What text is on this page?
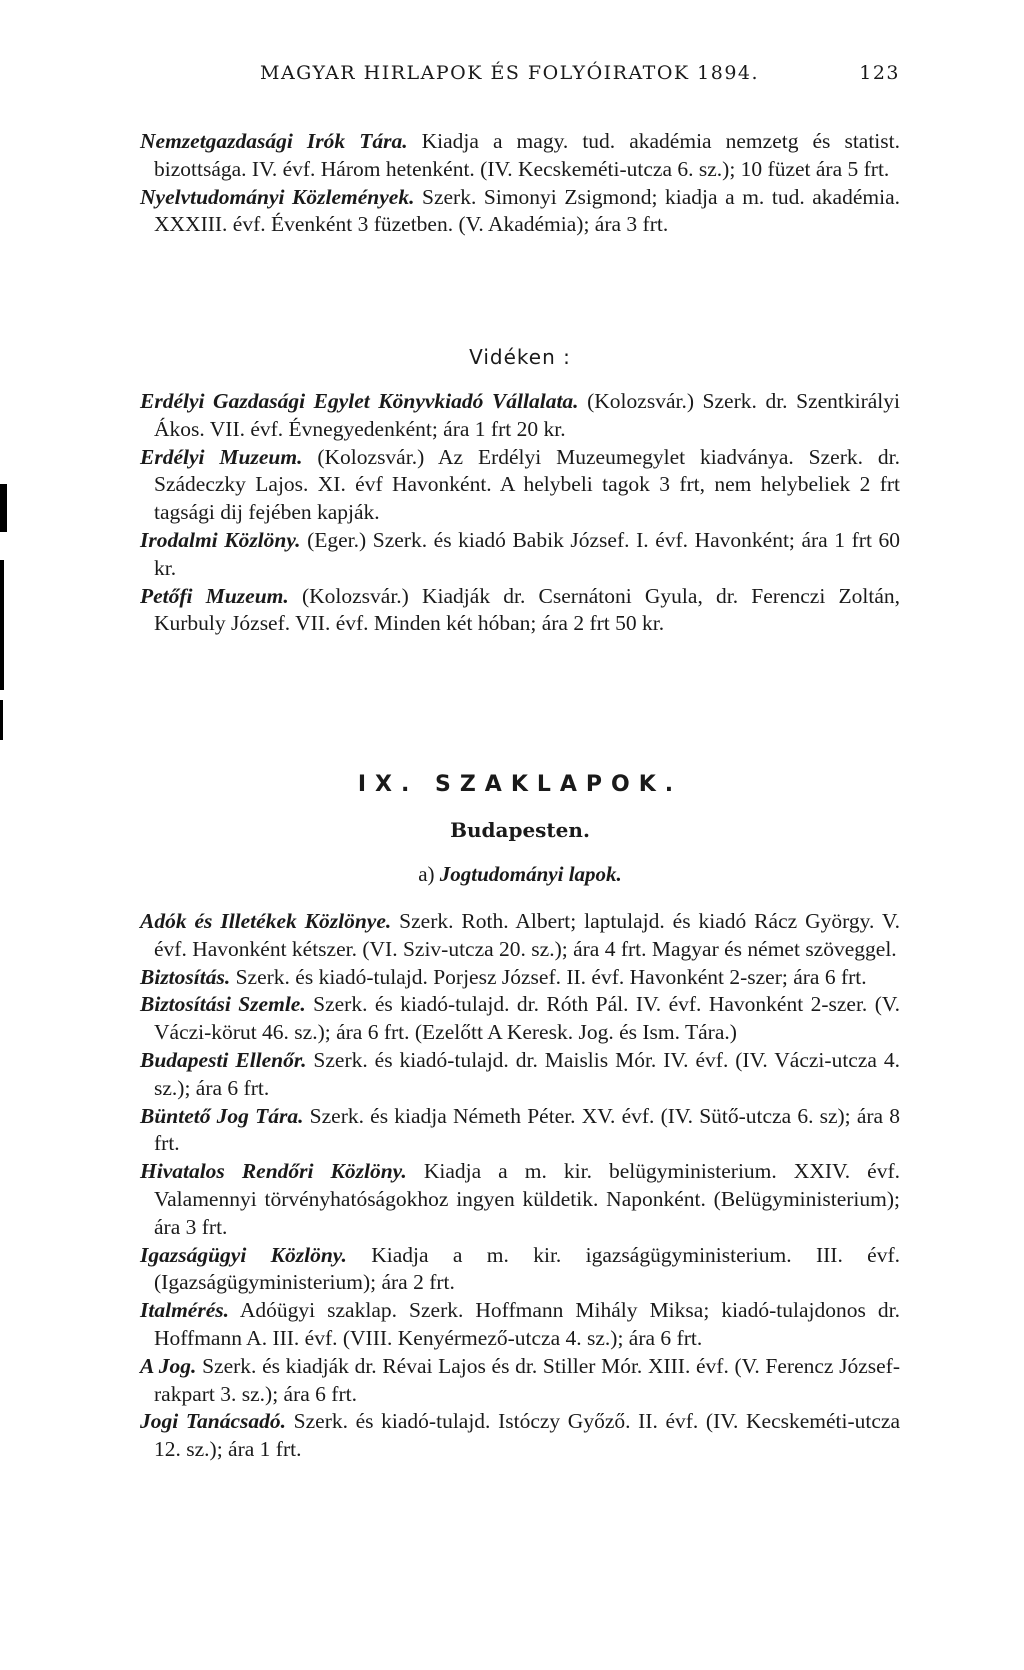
MAGYAR HIRLAPOK ÉS FOLYÓIRATOK 1894.	123

Nemzetgazdasági Irók Tára. Kiadja a magy. tud. akadémia nemzetg és statist. bizottsága. IV. évf. Három hetenként. (IV. Kecskeméti-utcza 6. sz.); 10 füzet ára 5 frt.

Nyelvtudományi Közlemények. Szerk. Simonyi Zsigmond; kiadja a m. tud. akadémia. XXXIII. évf. Évenként 3 füzetben. (V. Akadémia); ára 3 frt.

Vidéken :

Erdélyi Gazdasági Egylet Könyvkiadó Vállalata. (Kolozsvár.) Szerk. dr. Szentkirályi Ákos. VII. évf. Évnegyedenként; ára 1 frt 20 kr.

Erdélyi Muzeum. (Kolozsvár.) Az Erdélyi Muzeumegylet kiadványa. Szerk. dr. Szádeczky Lajos. XI. évf Havonként. A helybeli tagok 3 frt, nem helybeliek 2 frt tagsági dij fejében kapják.

Irodalmi Közlöny. (Eger.) Szerk. és kiadó Babik József. I. évf. Havonként; ára 1 frt 60 kr.

Petőfi Muzeum. (Kolozsvár.) Kiadják dr. Csernátoni Gyula, dr. Ferenczi Zoltán, Kurbuly József. VII. évf. Minden két hóban; ára 2 frt 50 kr.

IX. SZAKLAPOK.
Budapesten.
a) Jogtudományi lapok.

Adók és Illetékek Közlönye. Szerk. Roth. Albert; laptulajd. és kiadó Rácz György. V. évf. Havonként kétszer. (VI. Sziv-utcza 20. sz.); ára 4 frt. Magyar és német szöveggel.

Biztosítás. Szerk. és kiadó-tulajd. Porjesz József. II. évf. Havonként 2-szer; ára 6 frt.

Biztosítási Szemle. Szerk. és kiadó-tulajd. dr. Róth Pál. IV. évf. Havonként 2-szer. (V. Váczi-körut 46. sz.); ára 6 frt. (Ezelőtt A Keresk. Jog. és Ism. Tára.)

Budapesti Ellenőr. Szerk. és kiadó-tulajd. dr. Maislis Mór. IV. évf. (IV. Váczi-utcza 4. sz.); ára 6 frt.

Büntető Jog Tára. Szerk. és kiadja Németh Péter. XV. évf. (IV. Sütő-utcza 6. sz); ára 8 frt.

Hivatalos Rendőri Közlöny. Kiadja a m. kir. belügyministerium. XXIV. évf. Valamennyi törvényhatóságokhoz ingyen küldetik. Naponként. (Belügyministerium); ára 3 frt.

Igazságügyi Közlöny. Kiadja a m. kir. igazságügyministerium. III. évf. (Igazságügyministerium); ára 2 frt.

Italmérés. Adóügyi szaklap. Szerk. Hoffmann Mihály Miksa; kiadó-tulajdonos dr. Hoffmann A. III. évf. (VIII. Kenyérmező-utcza 4. sz.); ára 6 frt.

A Jog. Szerk. és kiadják dr. Révai Lajos és dr. Stiller Mór. XIII. évf. (V. Ferencz József-rakpart 3. sz.); ára 6 frt.

Jogi Tanácsadó. Szerk. és kiadó-tulajd. Istóczy Győző. II. évf. (IV. Kecskeméti-utcza 12. sz.); ára 1 frt.
